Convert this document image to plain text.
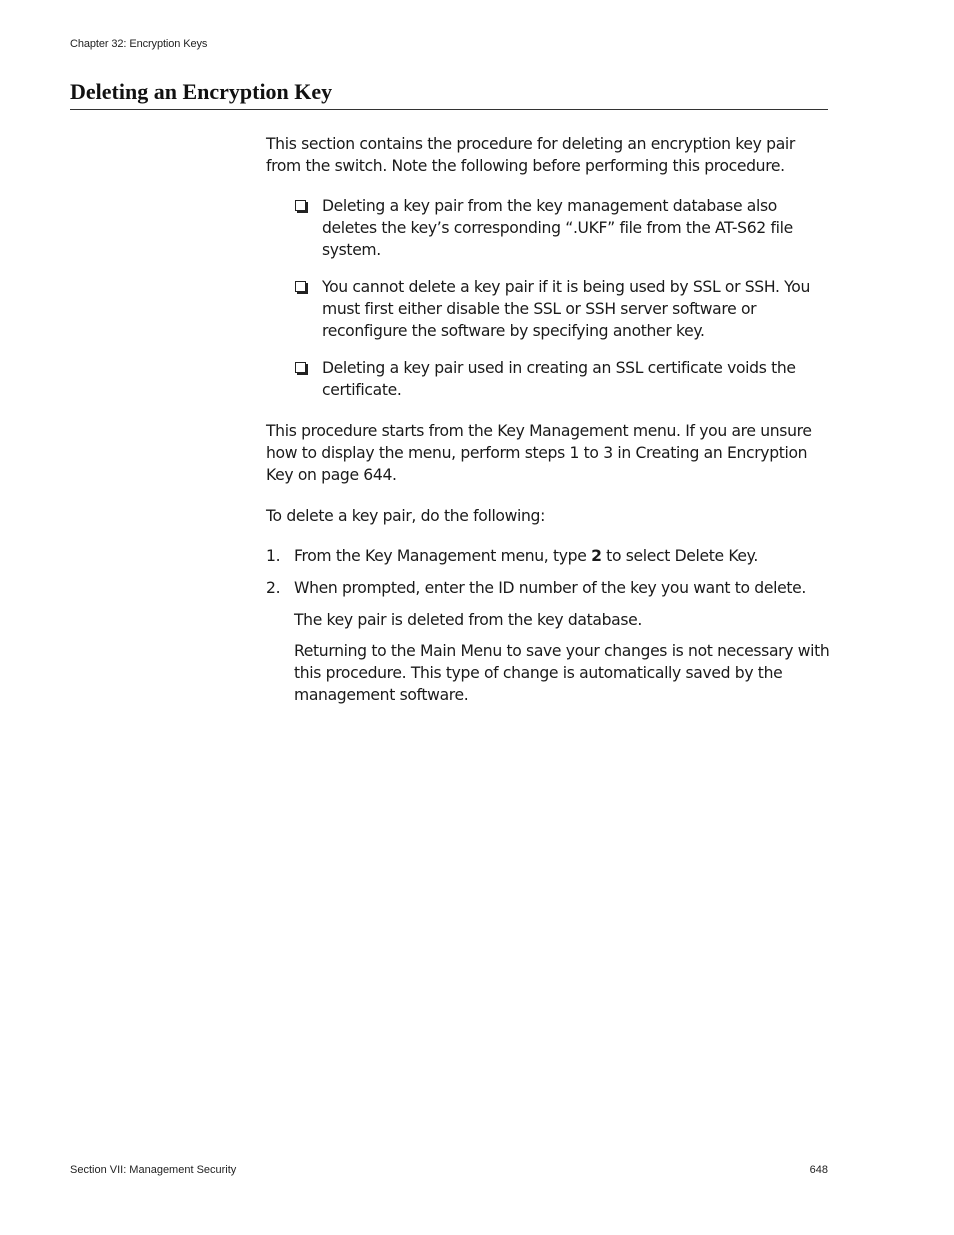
Chapter 32: Encryption Keys
Deleting an Encryption Key

This section contains the procedure for deleting an encryption key pair from the switch. Note the following before performing this procedure.

Deleting a key pair from the key management database also deletes the key’s corresponding “.UKF” file from the AT-S62 file system.
You cannot delete a key pair if it is being used by SSL or SSH. You must first either disable the SSL or SSH server software or reconfigure the software by specifying another key.
Deleting a key pair used in creating an SSL certificate voids the certificate.

This procedure starts from the Key Management menu. If you are unsure how to display the menu, perform steps 1 to 3 in Creating an Encryption Key on page 644.

To delete a key pair, do the following:

1. From the Key Management menu, type 2 to select Delete Key.
2. When prompted, enter the ID number of the key you want to delete.

The key pair is deleted from the key database.

Returning to the Main Menu to save your changes is not necessary with this procedure. This type of change is automatically saved by the management software.

Section VII: Management Security	648
